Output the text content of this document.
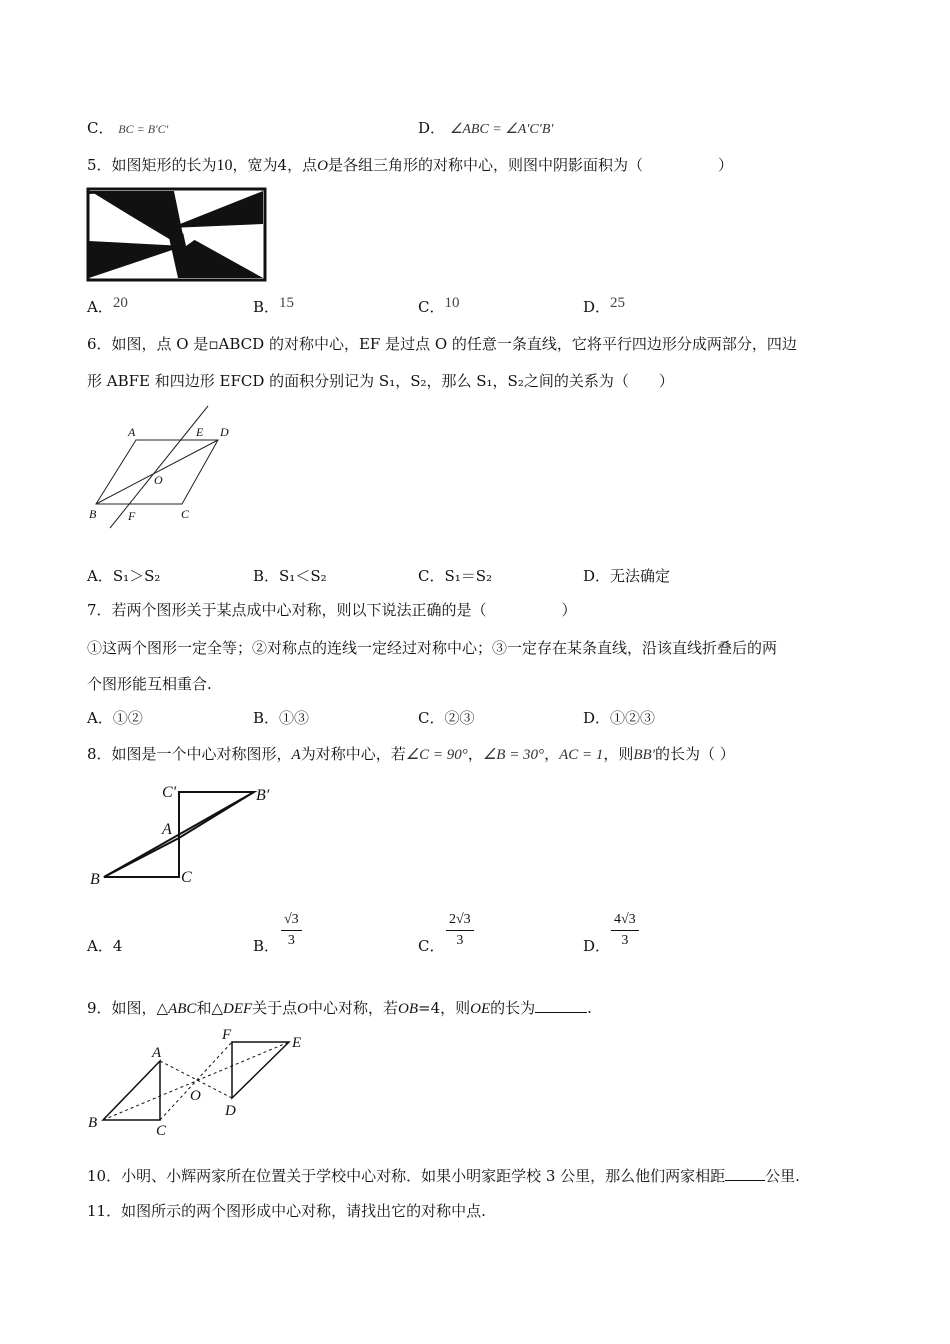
C． BC = B′C′	D． ∠ABC = ∠A′C′B′
5．如图矩形的长为10，宽为4，点O是各组三角形的对称中心，则图中阴影面积为（　　　　　）
O
A．20	B．15	C．10	D．25
6．如图，点 O 是▫ABCD 的对称中心，EF 是过点 O 的任意一条直线，它将平行四边形分成两部分，四边
形 ABFE 和四边形 EFCD 的面积分别记为 S₁，S₂，那么 S₁，S₂之间的关系为（　　）
A	E D
O
B	F	C
A．S₁＞S₂	B．S₁＜S₂	C．S₁＝S₂	D．无法确定
7．若两个图形关于某点成中心对称，则以下说法正确的是（　　　　　）
①这两个图形一定全等；②对称点的连线一定经过对称中心；③一定存在某条直线，沿该直线折叠后的两
个图形能互相重合.
A．①②	B．①③	C．②③	D．①②③
8．如图是一个中心对称图形，A为对称中心，若∠C = 90°，∠B = 30°，AC = 1，则BB′的长为（ ）
C′	B′
A
B	C
A．4	B． $\frac{√3}{3}$	C． $\frac{2√3}{3}$	D． $\frac{4√3}{3}$
9．如图，△ABC和△DEF关于点O中心对称，若OB=4，则OE的长为	.
A
B	C
O
D
E
F
10．小明、小辉两家所在位置关于学校中心对称．如果小明家距学校 3 公里，那么他们两家相距	公里.
11．如图所示的两个图形成中心对称，请找出它的对称中点.
